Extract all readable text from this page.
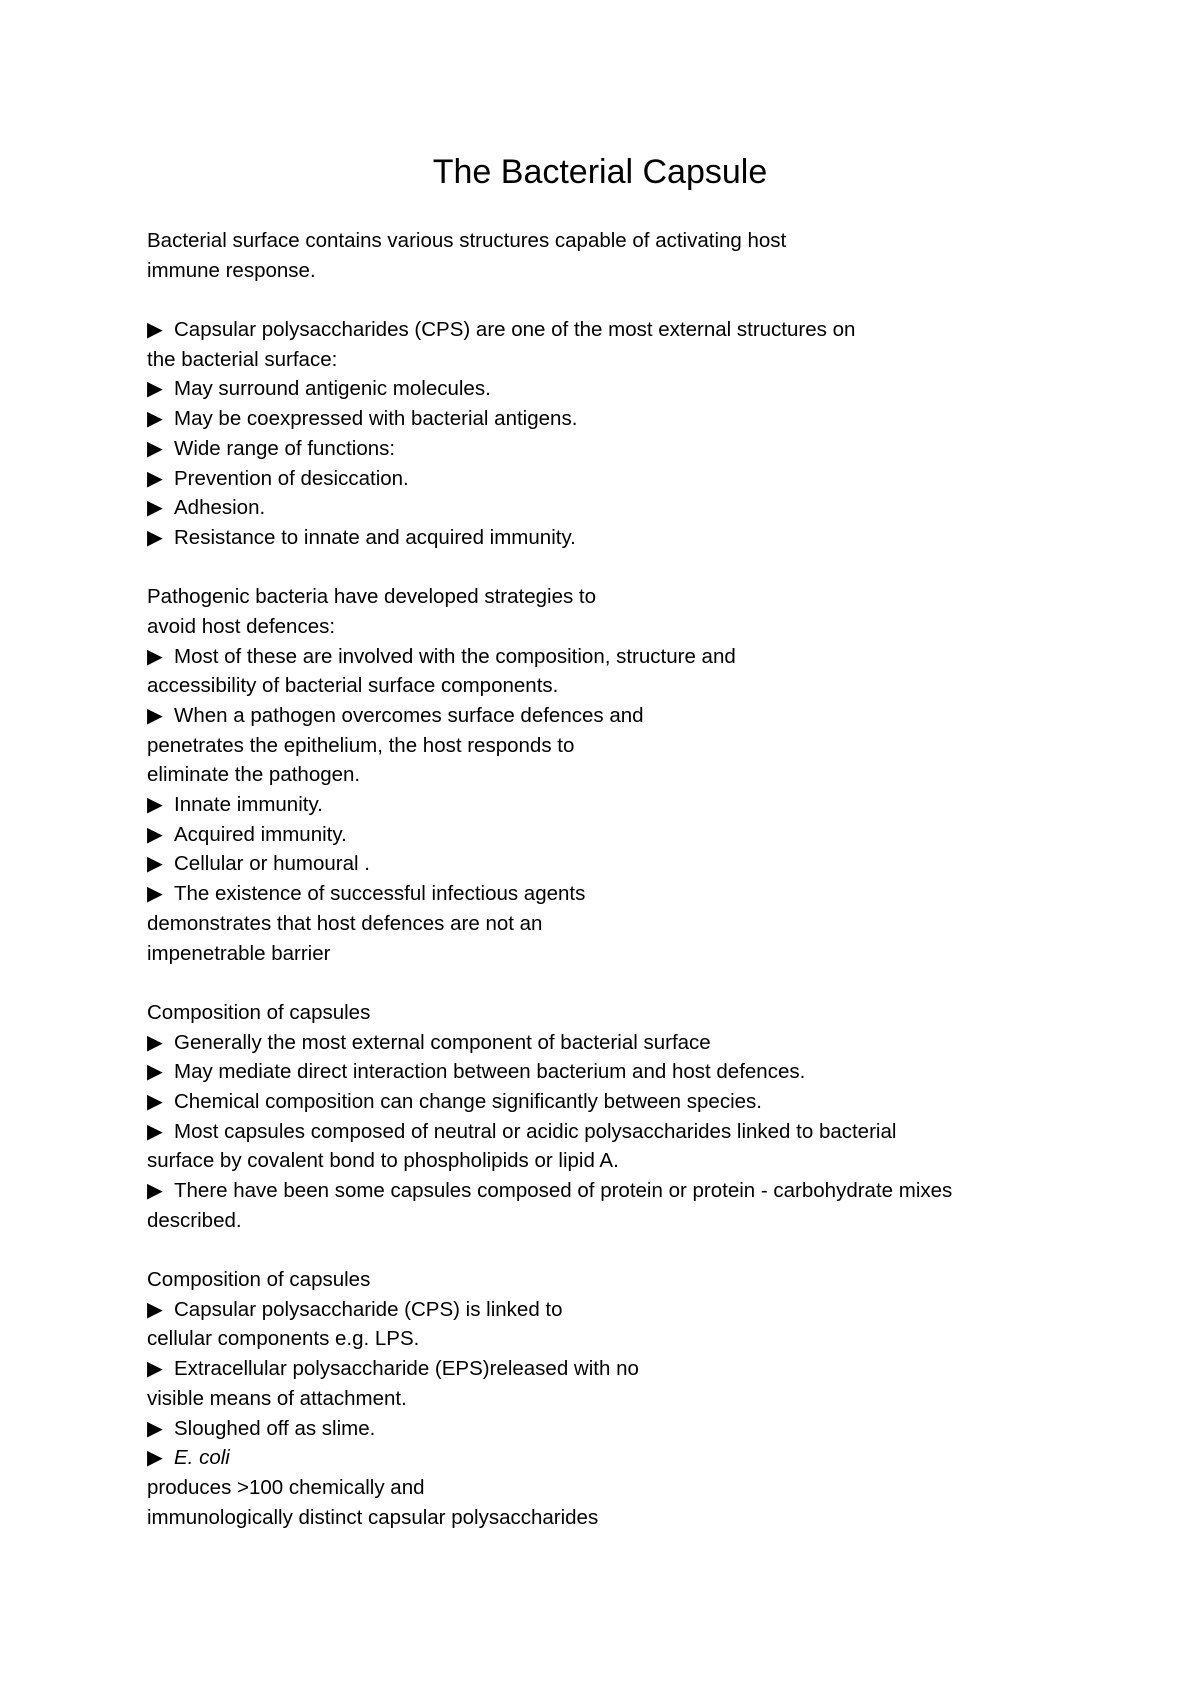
The Bacterial Capsule
Bacterial surface contains various structures capable of activating host
immune response.
▶ Capsular polysaccharides (CPS) are one of the most external structures on
the bacterial surface:
▶ May surround antigenic molecules.
▶ May be coexpressed with bacterial antigens.
▶ Wide range of functions:
▶ Prevention of desiccation.
▶ Adhesion.
▶ Resistance to innate and acquired immunity.
Pathogenic bacteria have developed strategies to
avoid host defences:
▶ Most of these are involved with the composition, structure and
accessibility of bacterial surface components.
▶ When a pathogen overcomes surface defences and
penetrates the epithelium, the host responds to
eliminate the pathogen.
▶ Innate immunity.
▶ Acquired immunity.
▶ Cellular or humoural .
▶ The existence of successful infectious agents
demonstrates that host defences are not an
impenetrable barrier
Composition of capsules
▶ Generally the most external component of bacterial surface
▶ May mediate direct interaction between bacterium and host defences.
▶ Chemical composition can change significantly between species.
▶ Most capsules composed of neutral or acidic polysaccharides linked to bacterial
surface by covalent bond to phospholipids or lipid A.
▶ There have been some capsules composed of protein or protein - carbohydrate mixes
described.
Composition of capsules
▶ Capsular polysaccharide (CPS) is linked to
cellular components e.g. LPS.
▶ Extracellular polysaccharide (EPS)released with no
visible means of attachment.
▶ Sloughed off as slime.
▶ E. coli
produces >100 chemically and
immunologically distinct capsular polysaccharides
